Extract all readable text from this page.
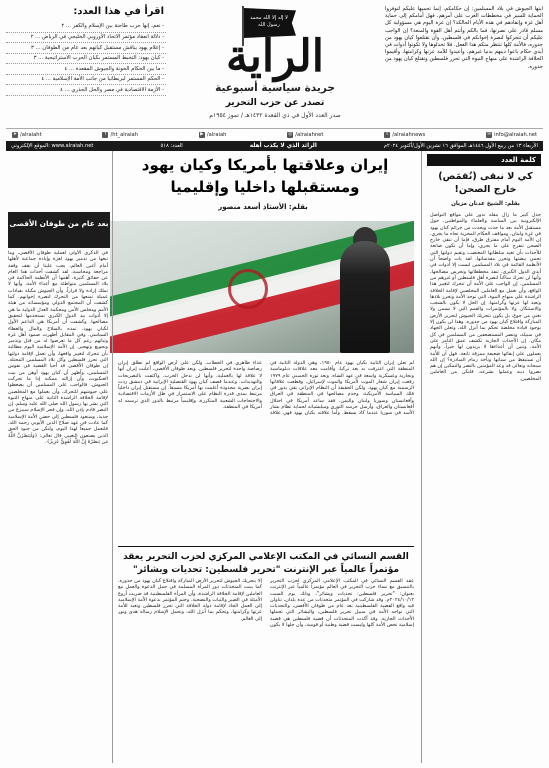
أيتها الجيوش في بلاد المسلمين: إن حكامكم، إنما تحميها عليكم لتوفروا الحماية للسير في مخططات الغرب على أمرهم، فهل أمامكم إلى حماية أهل غزة وإنقاذهم في هذه الأيام الحالكة؟ إن غزة اليوم هي مسؤولية كل مسلم قادر على نصرتها، فما بالكم وأنتم أهل القوة والمنعة؟ إن الواجب عليكم أن تتحركوا لنصرة إخوانكم في فلسطين، وأن تقتلعوا كيان يهود من جذوره، فالأمة كلها تنتظر منكم هذا الفعل. فلا تخذلوها ولا تكونوا أدوات في أيدي حكام باعوا دينهم بدنيا غيرهم، وأعيدوا للأمة عزتها وكرامتها، وأقيموا الخلافة الراشدة على منهاج النبوة التي تحرر فلسطين وتقتلع كيان يهود من جذوره.
لا إله إلا الله محمد رسول الله
الراية
جريدة سياسية أسبوعية
تصدر عن حزب التحرير
صدر العدد الأول في ذي القعدة ١٤٣٢هـ / تموز ١٩٥٤م
اقرأ في هذا العدد:
- نعم، إنها حرب طاحنة بين الإسلام والكفر ... ٢
- دلالة انعقاد مؤتمر الاتحاد الأوروبي الخليجي في الرياض ... ٢
- إعلام يهود يناقش مستقبل كيانهم بعد عام من الطوفان ... ٣
- كيان يهود: التخبط المستمر بكيان الحرب الاستراتيجية ... ٣
- ما بين الحكام الخونة والجيوش المقعدة ... ٤
- الحكم المستمر لبريطانيا من جانب الأمة الإسلامية ... ٤
- الأزمة الاقتصادية في مصر والحل الجذري ... ٤
✉ info@alraiah.net
t /alraiahnews
◎ /alraiahnet
▶ /alraiah
f /ht_alraiah
➤ /alraiaht
الأربعاء ١٣ من ربيع الأول ١٤٤٦هـ الموافق ١٦ تشرين الأول/أكتوبر ٢٠٢٤م
الرائد الذي لا يكذب أهله
العدد: ٥١٨
الموقع الإلكتروني: www.alraiah.net
كلمة العدد
إيران وعلاقتها بأمريكا وكيان يهود ومستقبلها داخليا وإقليميا
بقلم: الأستاذ أسعد منصور
بعد عام من طوفان الأقصى
كي لا نبقى (نُقمَص) خارج الصحن!
بقلم: الشيخ عدنان مزيان
جدل كبير ما زال ينقله تدور على مواقع التواصل الإلكترونية بين الساسة والعلماء والمواطنين، حول مستقبل الأمة بعد ما حدث ويحدث من جرائم كيان يهود في غزة ولبنان، ومواقف الحكام المخزية تجاه ما يجري. إن الأمة اليوم أمام مفترق طرق، فإما أن تبقى خارج الصحن تتفرج على ما يجري، وإما أن تكون صانعة للأحداث بأن تعيد سلطانها المغتصب وتقيم دولتها التي تحمي بيضتها وتحرر مقدساتها. لقد بات واضحاً أن الأنظمة القائمة في بلاد المسلمين ليست إلا أدوات في أيدي الدول الكبرى، تنفذ مخططاتها وتحرس مصالحها، وأنها لن تحرك ساكناً لنصرة أهل فلسطين أو غيرهم من المسلمين. إن الواجب على الأمة أن تتحرك لتغيير هذا الواقع، وأن تعمل مع العاملين المخلصين لإقامة الخلافة الراشدة على منهاج النبوة، التي توحد الأمة وتحرر بلادها وتعيد لها عزتها وكرامتها. إن الحل لا يكون بالشجب والاستنكار، ولا بالمؤتمرات والقمم التي لا تسمن ولا تغني من جوع، بل يكون بتحريك الجيوش لتحرير الأرض المباركة واقتلاع كيان يهود من جذوره. وهذا لن يكون إلا بوجود قيادة مخلصة تحكم بما أنزل الله، وتعلن الجهاد في سبيله، وتنصر المستضعفين من المسلمين في كل مكان. إن الأحداث الجارية تكشف عمق التآمر على الأمة، وتبين أن أعداءها لا يريدون لها خيراً، وأنهم يعملون على إبقائها ضعيفة ممزقة تابعة. فهل آن للأمة أن تستيقظ من سباتها وتأخذ زمام المبادرة؟ إن الله سبحانه وتعالى قد وعد المؤمنين بالنصر والتمكين إن هم نصروا دينه وعملوا بشرعه، فلنكن من العاملين المخلصين.
لم تعلن إيران الثانية بكيان يهود عام ١٩٥٠، وهي الدولة الثانية في المنطقة التي اعترفت به بعد تركيا، وأقامت معه علاقات دبلوماسية وتجارية وعسكرية واسعة في عهد الشاه. وبعد ثورة الخميني عام ١٩٧٩ رفعت إيران شعار الموت لأمريكا والموت لإسرائيل، وقطعت علاقاتها الرسمية مع كيان يهود. ولكن الحقيقة أن النظام الإيراني بقي يدور في فلك السياسة الأمريكية، وخدم مصالحها في المنطقة في العراق وأفغانستان وسوريا ولبنان واليمن. فقد ساعد أمريكا في احتلال أفغانستان والعراق، وأرسل حرسه الثوري وميليشياته لحماية نظام بشار الأسد في سوريا عندما كاد يسقط. وأما علاقته بكيان يهود فهي علاقة عداء ظاهري في الخطاب، ولكن على أرض الواقع لم تطلق إيران رصاصة واحدة لتحرير فلسطين. وبعد طوفان الأقصى، أعلنت إيران أنها لا علاقة لها بالعملية، وأنها لن تدخل الحرب، واكتفت بالتصريحات والتهديدات. وعندما قصف كيان يهود القنصلية الإيرانية في دمشق ردت إيران بضربة محدودة أعلمت بها أمريكا مسبقاً. إن مستقبل إيران داخلياً مرتبط بمدى قدرة النظام على الاستمرار في ظل الأزمات الاقتصادية والاحتجاجات الشعبية المتكررة، وإقليمياً مرتبط بالدور الذي ترسمه له أمريكا في المنطقة.
في الذكرى الأولى لعملية طوفان الأقصى، وما تبعها من تدمير يهود لغزة وإبادة جماعية لأهلها أمام أعين العالم، يجب علينا أن نقف وقفة مراجعة ومحاسبة. لقد كشفت أحداث هذا العام عن حقائق كثيرة، أهمها أن الأنظمة الحاكمة في بلاد المسلمين متواطئة مع أعداء الأمة، وأنها لا تملك إرادة ولا قراراً، وأن الجيوش مكبلة بقيادات عميلة تمنعها من التحرك لنصرة إخوانهم. كما كشفت أن المجتمع الدولي ومؤسساته من هيئة الأمم ومجلس الأمن ومحكمة العدل الدولية ما هي إلا أدوات بيد الدول الكبرى تستخدمها لتحقيق مصالحها. وكشفت أن أمريكا هي الداعم الأول لكيان يهود، تمده بالسلاح والمال والغطاء السياسي. وفي المقابل أظهرت صمود أهل غزة وثباتهم رغم كل ما تعرضوا له من قتل وتدمير وتجويع وتهجير. إن الأمة الإسلامية اليوم مطالبة بأن تتحرك لتغيير واقعها، وأن تعمل لإقامة دولتها التي تحرر فلسطين وكل بلاد المسلمين المحتلة. إن طوفان الأقصى قد أحيا القضية في نفوس المسلمين، وأظهر أن كيان يهود أوهن من بيت العنكبوت، وأن إزالته ممكنة إذا ما تحركت الجيوش. فالواجب على المسلمين أن يضغطوا على جيوشهم للتحرك، وأن يعملوا مع المخلصين لإقامة الخلافة الراشدة الثانية على منهاج النبوة التي بشر بها رسول الله صلى الله عليه وسلم. إن النصر قادم بإذن الله، وإن فجر الإسلام سيبزغ من جديد، وستعود فلسطين إلى حضن الأمة الإسلامية كما عادت في عهد صلاح الدين الأيوبي رحمه الله. فلنعمل جميعاً لهذا اليوم، ولنكن من جنود الحق الذين يصنعون التغيير، قال تعالى: ﴿وَلَيَنصُرَنَّ اللَّهُ مَن يَنصُرُهُ إِنَّ اللَّهَ لَقَوِيٌّ عَزِيزٌ﴾.
القسم النسائي في المكتب الإعلامي المركزي لحزب التحرير يعقد مؤتمراً عالمياً عبر الإنترنت "تحرير فلسطين: تحديات وبشائر"
عقد القسم النسائي في المكتب الإعلامي المركزي لحزب التحرير بالتنسيق مع نساء حزب التحرير في العالم مؤتمراً عالمياً عبر الإنترنت بعنوان: "تحرير فلسطين: تحديات وبشائر"، وذلك يوم السبت ٢٠٢٤/١٠/١٢م. وقد شاركت في المؤتمر متحدثات من عدة بلدان، تناولن فيه واقع القضية الفلسطينية بعد عام من طوفان الأقصى، والتحديات التي تواجه الأمة في سبيل تحرير فلسطين، والبشائر التي تحملها الأحداث الجارية. وقد أكدت المتحدثات أن قضية فلسطين هي قضية إسلامية تخص الأمة كلها وليست قضية وطنية أو قومية، وأن حلها لا يكون إلا بتحريك الجيوش لتحرير الأرض المباركة واقتلاع كيان يهود من جذوره. كما بينت المتحدثات دور المرأة المسلمة في حمل الدعوة والعمل مع العاملين لإقامة الخلافة الراشدة، وأن المرأة الفلسطينية قد ضربت أروع الأمثلة في الصبر والثبات والتضحية. وختم المؤتمر بدعوة الأمة الإسلامية إلى العمل الجاد لإقامة دولة الخلافة التي تحرر فلسطين وتعيد للأمة عزتها وكرامتها، وتحكم بما أنزل الله، وتحمل الإسلام رسالة هدى ونور إلى العالم.
